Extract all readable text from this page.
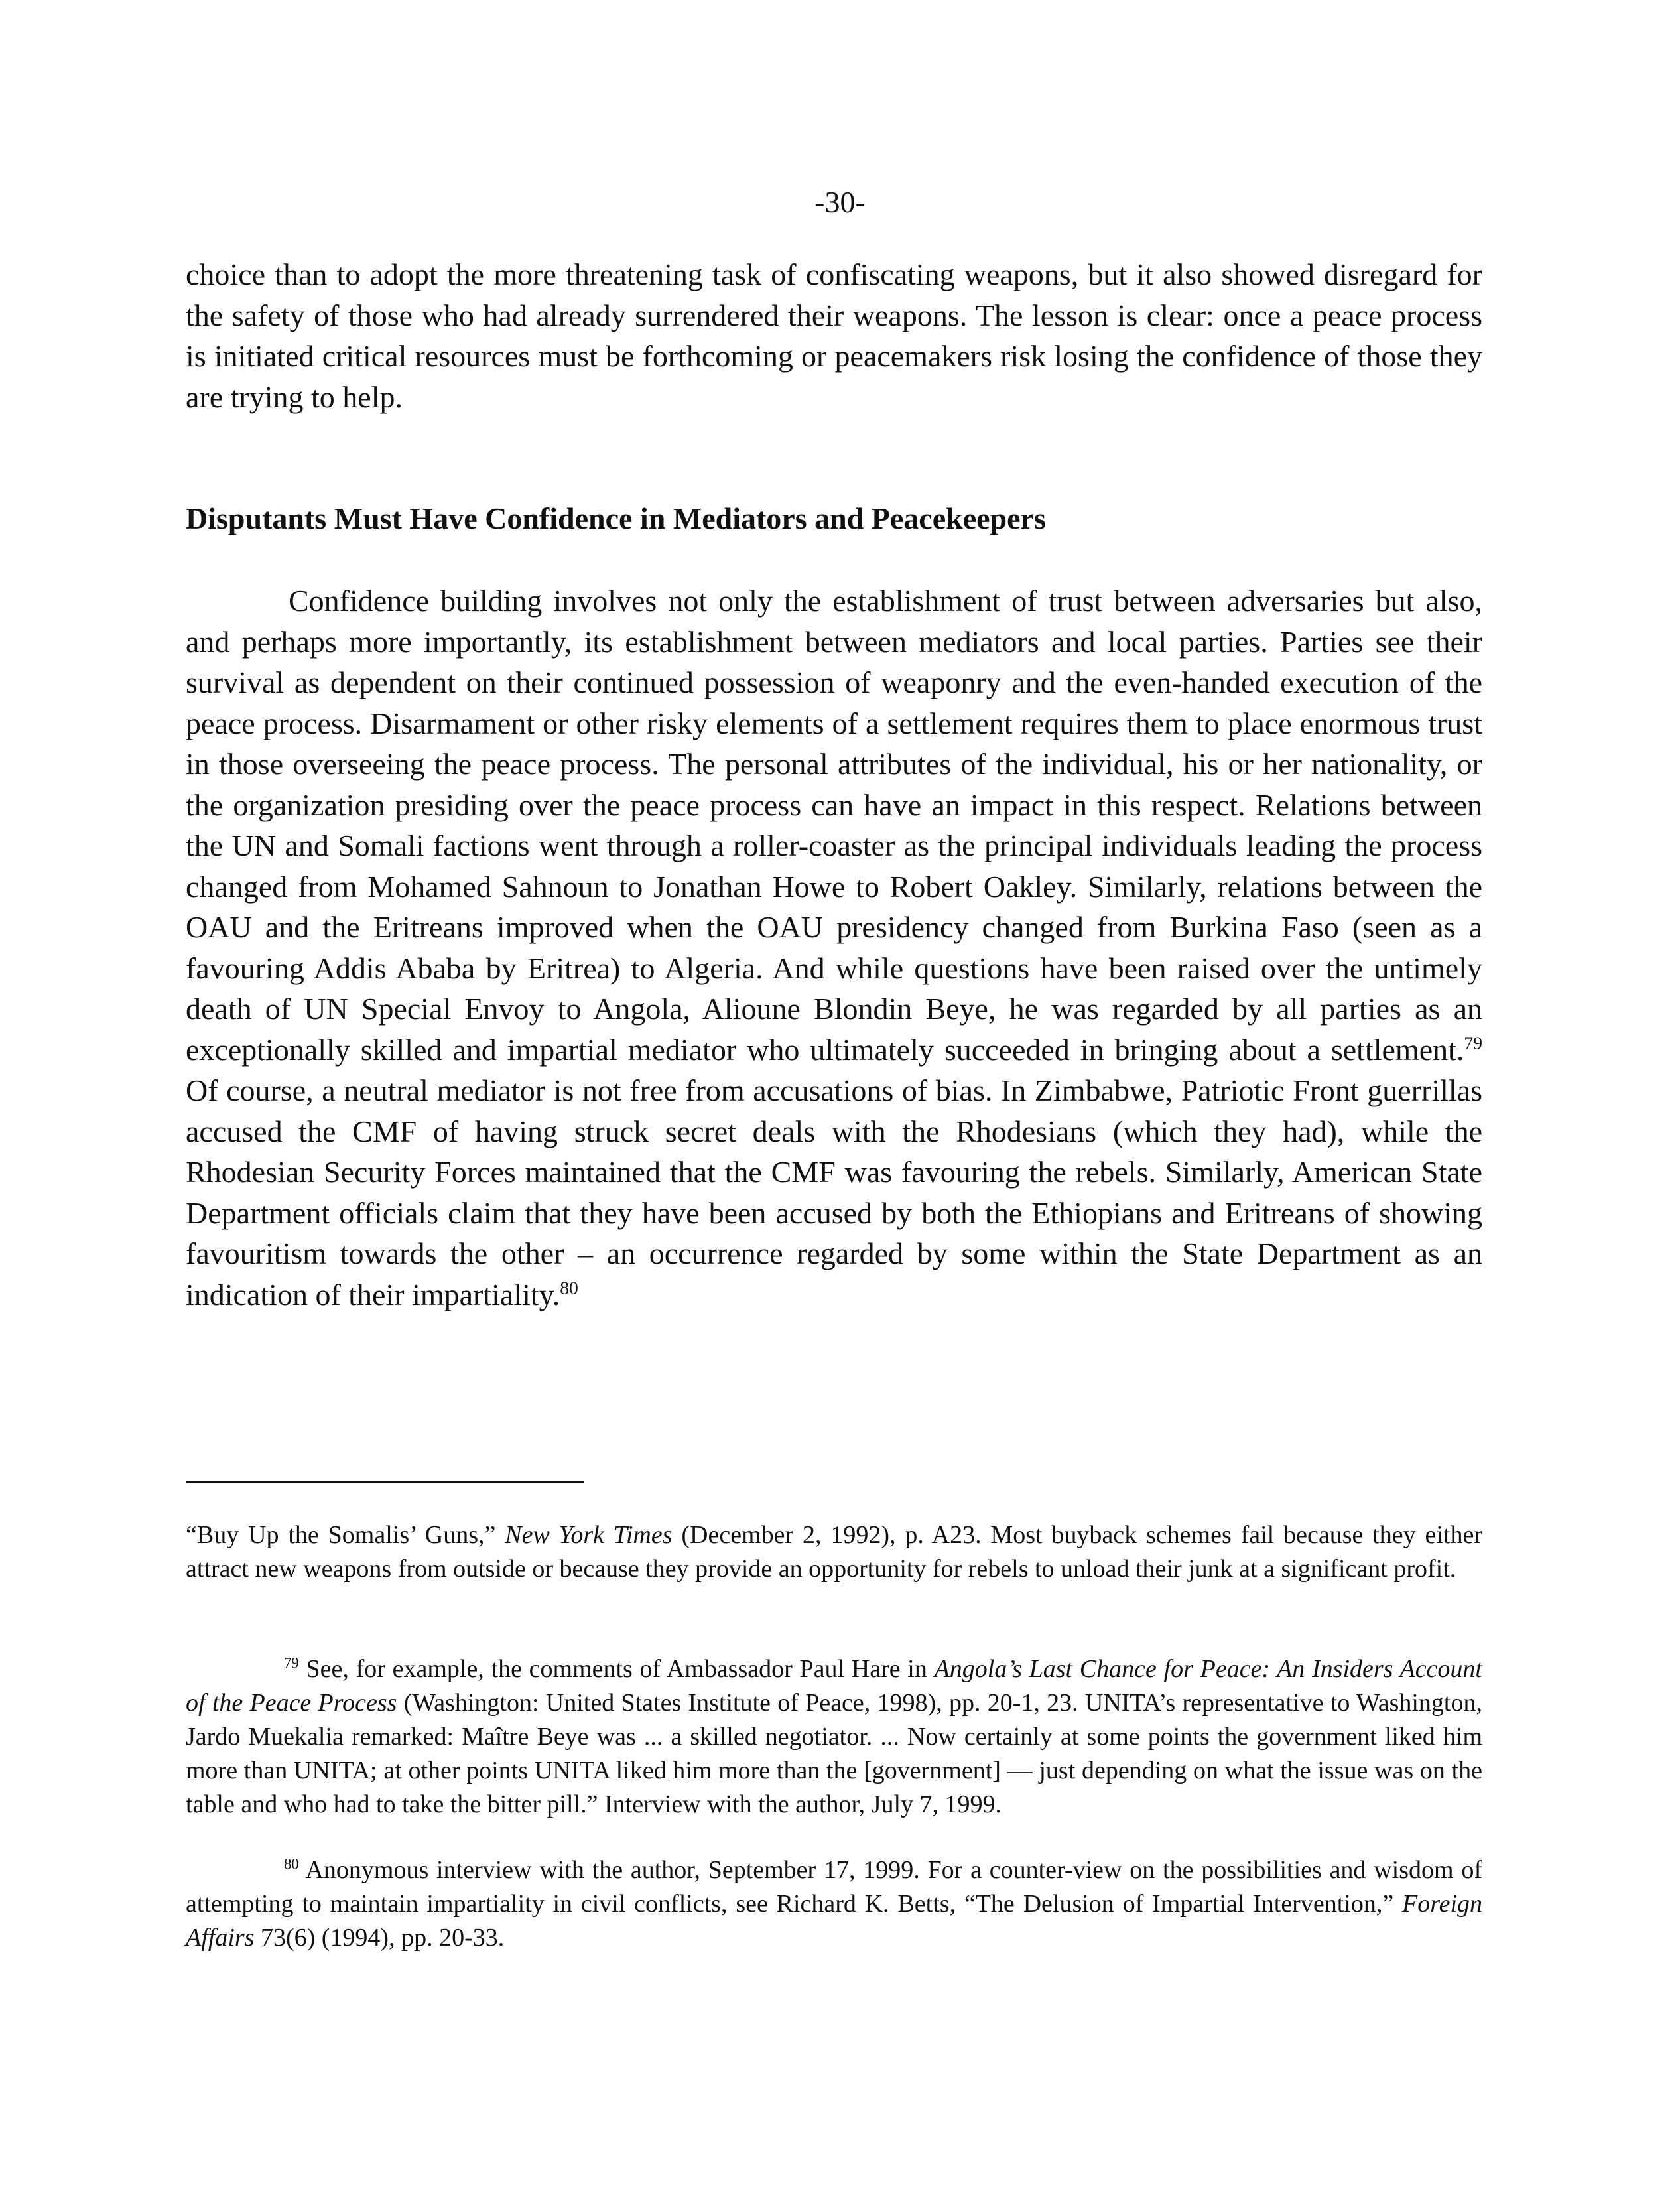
-30-

choice than to adopt the more threatening task of confiscating weapons, but it also showed disregard for the safety of those who had already surrendered their weapons. The lesson is clear: once a peace process is initiated critical resources must be forthcoming or peacemakers risk losing the confidence of those they are trying to help.

Disputants Must Have Confidence in Mediators and Peacekeepers

Confidence building involves not only the establishment of trust between adversaries but also, and perhaps more importantly, its establishment between mediators and local parties. Parties see their survival as dependent on their continued possession of weaponry and the even-handed execution of the peace process. Disarmament or other risky elements of a settlement requires them to place enormous trust in those overseeing the peace process. The personal attributes of the individual, his or her nationality, or the organization presiding over the peace process can have an impact in this respect. Relations between the UN and Somali factions went through a roller-coaster as the principal individuals leading the process changed from Mohamed Sahnoun to Jonathan Howe to Robert Oakley. Similarly, relations between the OAU and the Eritreans improved when the OAU presidency changed from Burkina Faso (seen as a favouring Addis Ababa by Eritrea) to Algeria. And while questions have been raised over the untimely death of UN Special Envoy to Angola, Alioune Blondin Beye, he was regarded by all parties as an exceptionally skilled and impartial mediator who ultimately succeeded in bringing about a settlement.$^{79}$ Of course, a neutral mediator is not free from accusations of bias. In Zimbabwe, Patriotic Front guerrillas accused the CMF of having struck secret deals with the Rhodesians (which they had), while the Rhodesian Security Forces maintained that the CMF was favouring the rebels. Similarly, American State Department officials claim that they have been accused by both the Ethiopians and Eritreans of showing favouritism towards the other – an occurrence regarded by some within the State Department as an indication of their impartiality.$^{80}$

“Buy Up the Somalis’ Guns,” New York Times (December 2, 1992), p. A23. Most buyback schemes fail because they either attract new weapons from outside or because they provide an opportunity for rebels to unload their junk at a significant profit.

$^{79}$ See, for example, the comments of Ambassador Paul Hare in Angola’s Last Chance for Peace: An Insiders Account of the Peace Process (Washington: United States Institute of Peace, 1998), pp. 20-1, 23. UNITA’s representative to Washington, Jardo Muekalia remarked: Maître Beye was ... a skilled negotiator. ... Now certainly at some points the government liked him more than UNITA; at other points UNITA liked him more than the [government] — just depending on what the issue was on the table and who had to take the bitter pill.” Interview with the author, July 7, 1999.

$^{80}$ Anonymous interview with the author, September 17, 1999. For a counter-view on the possibilities and wisdom of attempting to maintain impartiality in civil conflicts, see Richard K. Betts, “The Delusion of Impartial Intervention,” Foreign Affairs 73(6) (1994), pp. 20-33.
